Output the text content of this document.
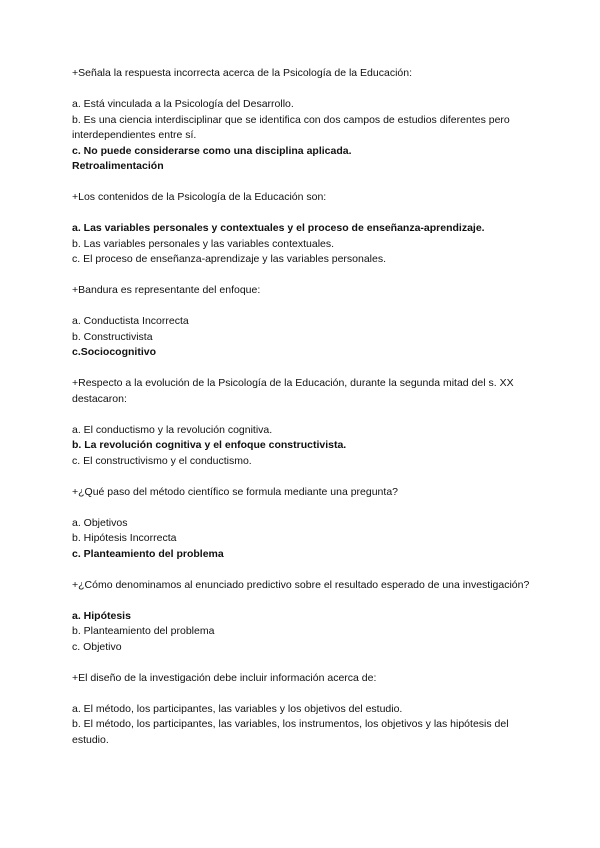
+Señala la respuesta incorrecta acerca de la Psicología de la Educación:
a. Está vinculada a la Psicología del Desarrollo.
b. Es una ciencia interdisciplinar que se identifica con dos campos de estudios diferentes pero interdependientes entre sí.
c. No puede considerarse como una disciplina aplicada.
Retroalimentación
+Los contenidos de la Psicología de la Educación son:
a. Las variables personales y contextuales y el proceso de enseñanza-aprendizaje.
b. Las variables personales y las variables contextuales.
c. El proceso de enseñanza-aprendizaje y las variables personales.
+Bandura es representante del enfoque:
a. Conductista Incorrecta
b. Constructivista
c.Sociocognitivo
+Respecto a la evolución de la Psicología de la Educación, durante la segunda mitad del s. XX destacaron:
a. El conductismo y la revolución cognitiva.
b. La revolución cognitiva y el enfoque constructivista.
c. El constructivismo y el conductismo.
+¿Qué paso del método científico se formula mediante una pregunta?
a. Objetivos
b. Hipótesis Incorrecta
c. Planteamiento del problema
+¿Cómo denominamos al enunciado predictivo sobre el resultado esperado de una investigación?
a. Hipótesis
b. Planteamiento del problema
c. Objetivo
+El diseño de la investigación debe incluir información acerca de:
a. El método, los participantes, las variables y los objetivos del estudio.
b. El método, los participantes, las variables, los instrumentos, los objetivos y las hipótesis del estudio.
